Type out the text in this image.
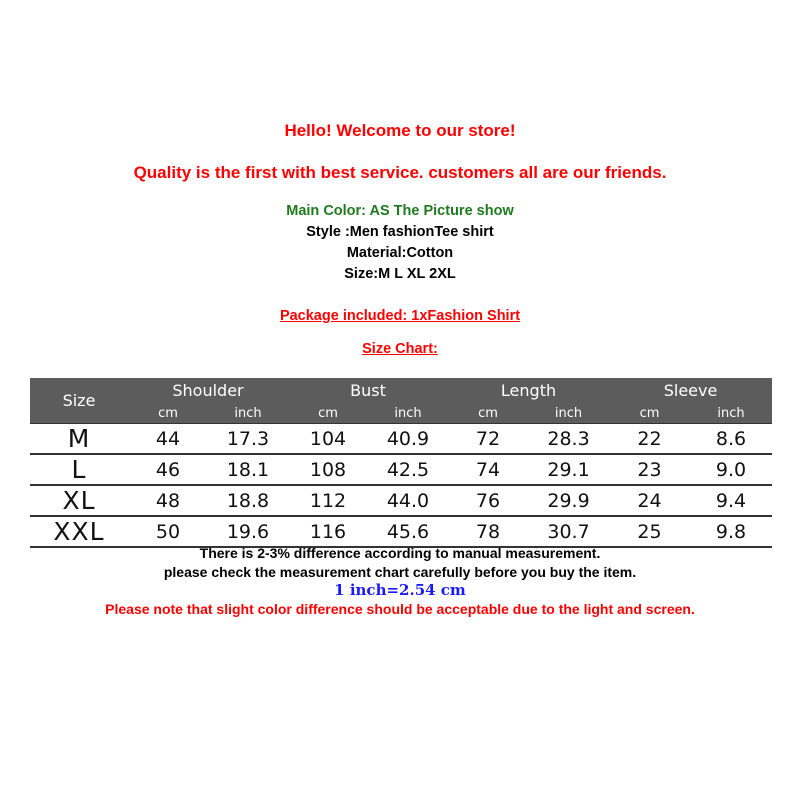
Hello! Welcome to our store!
Quality is the first with best service. customers all are our friends.
Main Color: AS The Picture show
Style :Men fashionTee shirt
Material:Cotton
Size:M L XL 2XL
Package included: 1xFashion Shirt
Size Chart:
Size	Shoulder		Bust		Length		Sleeve	
	cm	inch	cm	inch	cm	inch	cm	inch
M	44	17.3	104	40.9	72	28.3	22	8.6
L	46	18.1	108	42.5	74	29.1	23	9.0
XL	48	18.8	112	44.0	76	29.9	24	9.4
XXL	50	19.6	116	45.6	78	30.7	25	9.8
There is 2-3% difference according to manual measurement.
please check the measurement chart carefully before you buy the item.
1 inch=2.54 cm
Please note that slight color difference should be acceptable due to the light and screen.
